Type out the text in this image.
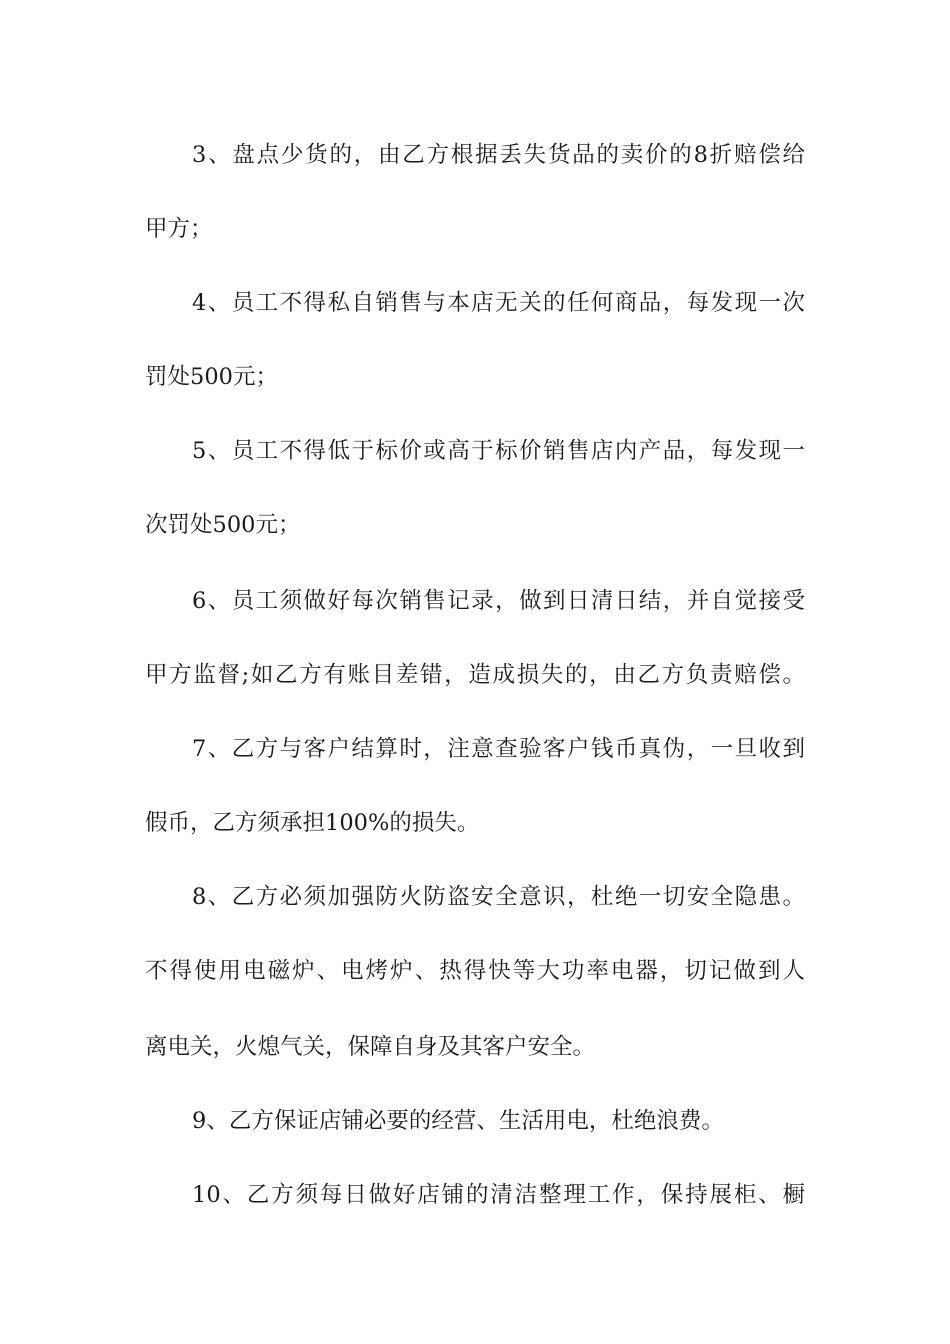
3、盘点少货的，由乙方根据丢失货品的卖价的8折赔偿给
甲方；
4、员工不得私自销售与本店无关的任何商品，每发现一次
罚处500元；
5、员工不得低于标价或高于标价销售店内产品，每发现一
次罚处500元；
6、员工须做好每次销售记录，做到日清日结，并自觉接受
甲方监督;如乙方有账目差错，造成损失的，由乙方负责赔偿。
7、乙方与客户结算时，注意查验客户钱币真伪，一旦收到
假币，乙方须承担100%的损失。
8、乙方必须加强防火防盗安全意识，杜绝一切安全隐患。
不得使用电磁炉、电烤炉、热得快等大功率电器，切记做到人
离电关，火熄气关，保障自身及其客户安全。
9、乙方保证店铺必要的经营、生活用电，杜绝浪费。
10、乙方须每日做好店铺的清洁整理工作，保持展柜、橱
